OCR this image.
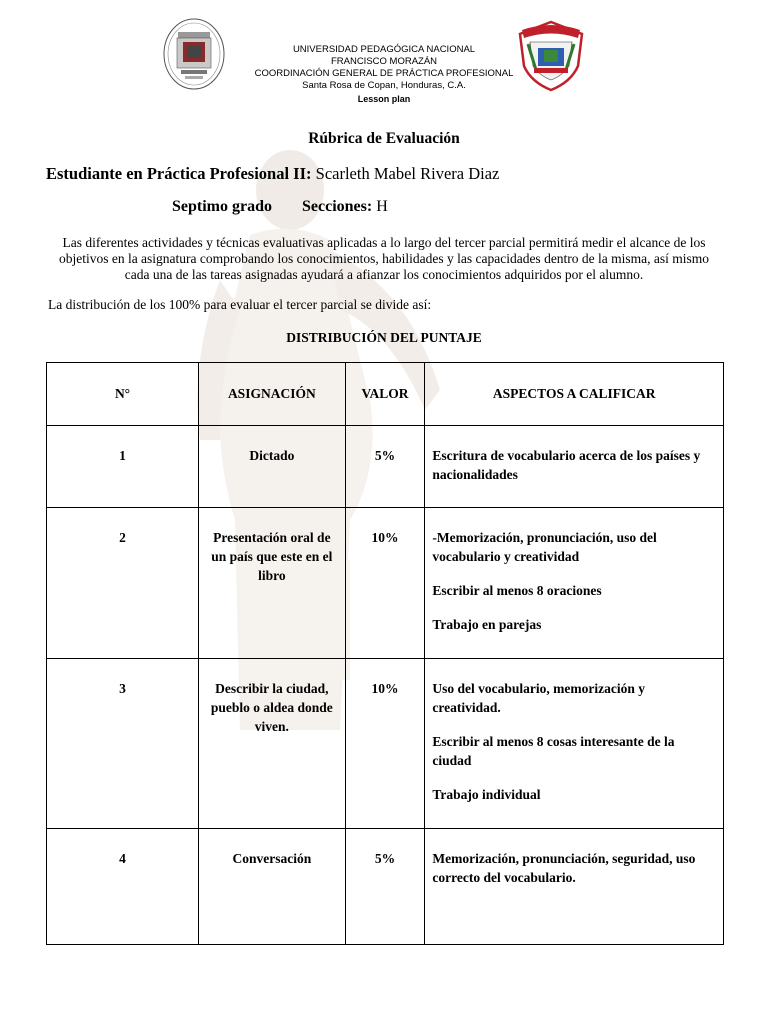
UNIVERSIDAD PEDAGÓGICA NACIONAL
FRANCISCO MORAZÁN
COORDINACIÓN GENERAL DE PRÁCTICA PROFESIONAL
Santa Rosa de Copan, Honduras, C.A.
Lesson plan
Rúbrica de Evaluación
Estudiante en Práctica Profesional II: Scarleth Mabel Rivera Diaz
Septimo grado Secciones: H
Las diferentes actividades y técnicas evaluativas aplicadas a lo largo del tercer parcial permitirá medir el alcance de los objetivos en la asignatura comprobando los conocimientos, habilidades y las capacidades dentro de la misma, así mismo cada una de las tareas asignadas ayudará a afianzar los conocimientos adquiridos por el alumno.
La distribución de los 100% para evaluar el tercer parcial se divide así:
DISTRIBUCIÓN DEL PUNTAJE
N°	ASIGNACIÓN	VALOR	ASPECTOS A CALIFICAR

1	Dictado	5%	Escritura de vocabulario acerca de los países y nacionalidades

2	Presentación oral de un país que este en el libro	10%	-Memorización, pronunciación, uso del vocabulario y creatividad

Escribir al menos 8 oraciones

Trabajo en parejas

3	Describir la ciudad, pueblo o aldea donde viven.	10%	Uso del vocabulario, memorización y creatividad.

Escribir al menos 8 cosas interesante de la ciudad

Trabajo individual

4	Conversación	5%	Memorización, pronunciación, seguridad, uso correcto del vocabulario.
